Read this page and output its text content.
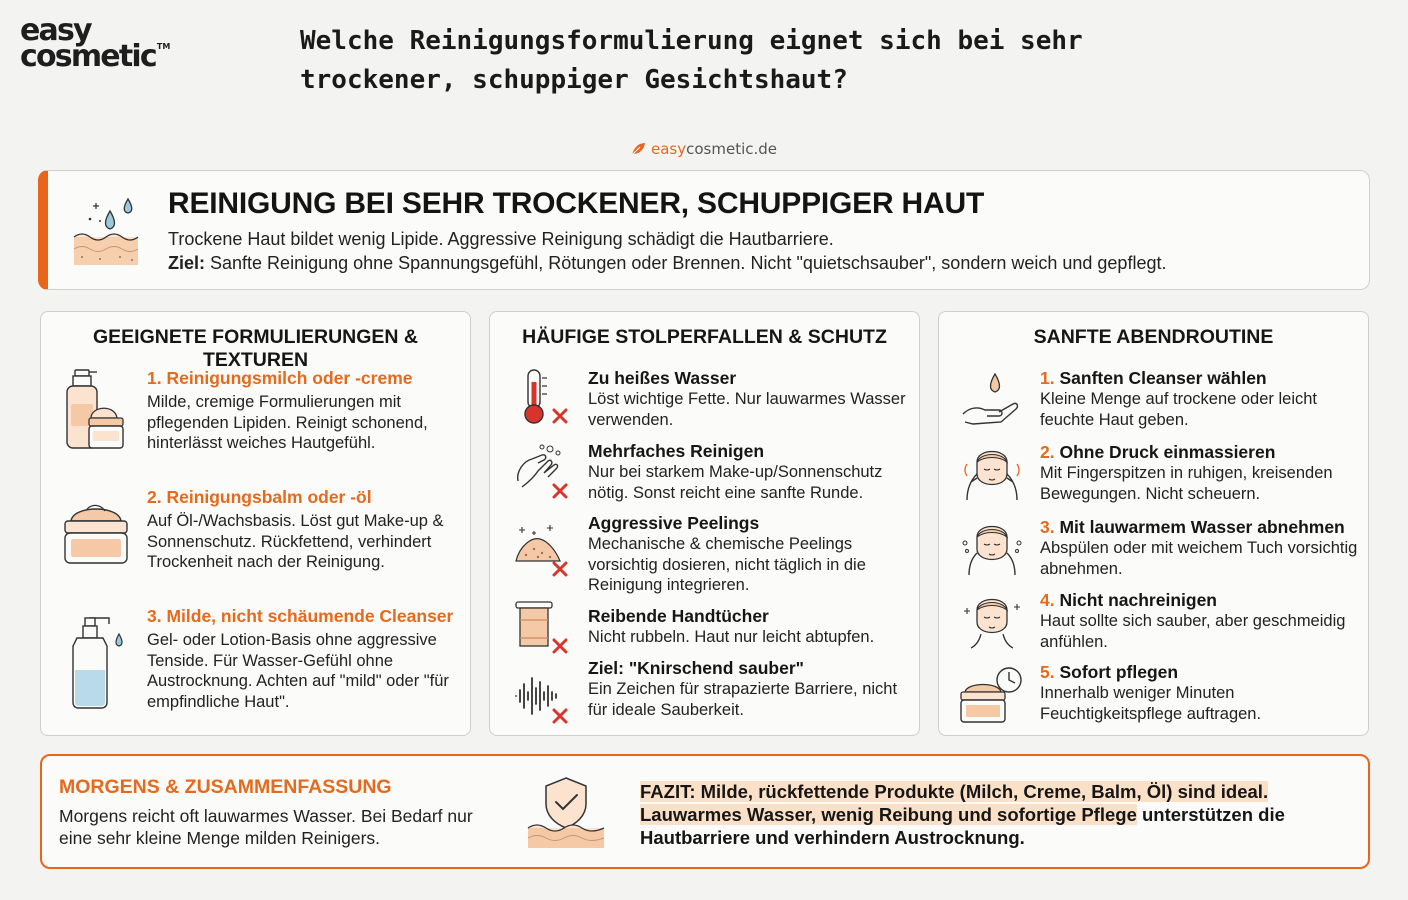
easy
cosmetic™	Welche Reinigungsformulierung eignet sich bei sehr trockener, schuppiger Gesichtshaut?
easycosmetic.de
REINIGUNG BEI SEHR TROCKENER, SCHUPPIGER HAUT
Trockene Haut bildet wenig Lipide. Aggressive Reinigung schädigt die Hautbarriere.
Ziel: Sanfte Reinigung ohne Spannungsgefühl, Rötungen oder Brennen. Nicht "quietschsauber", sondern weich und gepflegt.
GEEIGNETE FORMULIERUNGEN & TEXTUREN
1. Reinigungsmilch oder -creme
Milde, cremige Formulierungen mit pflegenden Lipiden. Reinigt schonend, hinterlässt weiches Hautgefühl.
2. Reinigungsbalm oder -öl
Auf Öl-/Wachsbasis. Löst gut Make-up & Sonnenschutz. Rückfettend, verhindert Trockenheit nach der Reinigung.
3. Milde, nicht schäumende Cleanser
Gel- oder Lotion-Basis ohne aggressive Tenside. Für Wasser-Gefühl ohne Austrocknung. Achten auf "mild" oder "für empfindliche Haut".
HÄUFIGE STOLPERFALLEN & SCHUTZ
Zu heißes Wasser
Löst wichtige Fette. Nur lauwarmes Wasser verwenden.
Mehrfaches Reinigen
Nur bei starkem Make-up/Sonnenschutz nötig. Sonst reicht eine sanfte Runde.
Aggressive Peelings
Mechanische & chemische Peelings vorsichtig dosieren, nicht täglich in die Reinigung integrieren.
Reibende Handtücher
Nicht rubbeln. Haut nur leicht abtupfen.
Ziel: "Knirschend sauber"
Ein Zeichen für strapazierte Barriere, nicht für ideale Sauberkeit.
SANFTE ABENDROUTINE
1. Sanften Cleanser wählen
Kleine Menge auf trockene oder leicht feuchte Haut geben.
2. Ohne Druck einmassieren
Mit Fingerspitzen in ruhigen, kreisenden Bewegungen. Nicht scheuern.
3. Mit lauwarmem Wasser abnehmen
Abspülen oder mit weichem Tuch vorsichtig abnehmen.
4. Nicht nachreinigen
Haut sollte sich sauber, aber geschmeidig anfühlen.
5. Sofort pflegen
Innerhalb weniger Minuten Feuchtigkeitspflege auftragen.
MORGENS & ZUSAMMENFASSUNG
Morgens reicht oft lauwarmes Wasser. Bei Bedarf nur eine sehr kleine Menge milden Reinigers.
FAZIT: Milde, rückfettende Produkte (Milch, Creme, Balm, Öl) sind ideal.
Lauwarmes Wasser, wenig Reibung und sofortige Pflege unterstützen die Hautbarriere und verhindern Austrocknung.
